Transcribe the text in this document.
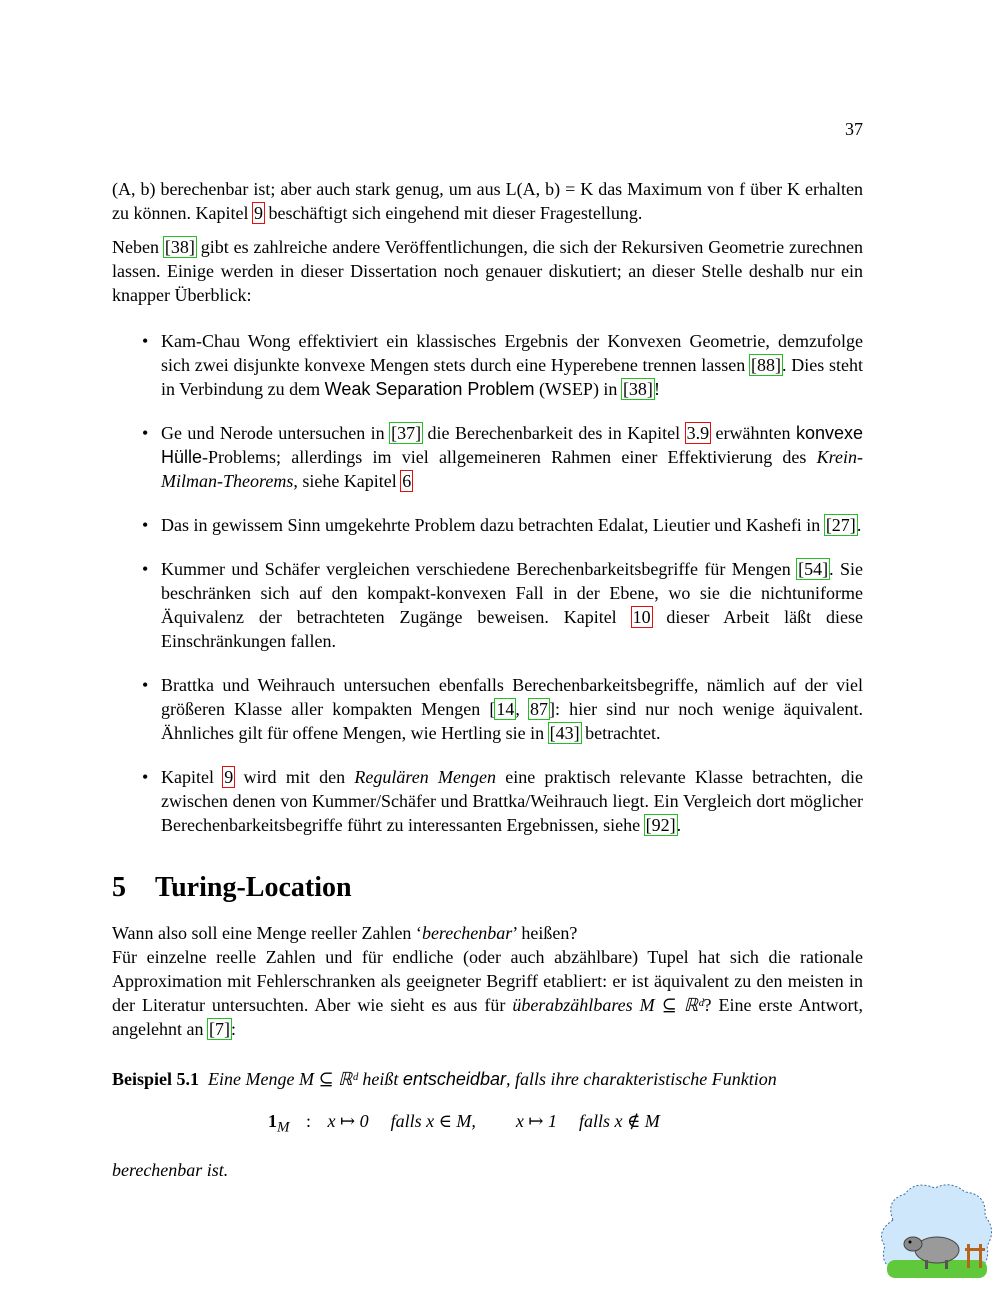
37

(A, b) berechenbar ist; aber auch stark genug, um aus L(A, b) = K das Maximum von f über K erhalten zu können. Kapitel 9 beschäftigt sich eingehend mit dieser Fragestellung.

Neben [38] gibt es zahlreiche andere Veröffentlichungen, die sich der Rekursiven Geometrie zurechnen lassen. Einige werden in dieser Dissertation noch genauer diskutiert; an dieser Stelle deshalb nur ein knapper Überblick:

• Kam-Chau Wong effektiviert ein klassisches Ergebnis der Konvexen Geometrie, demzufolge sich zwei disjunkte konvexe Mengen stets durch eine Hyperebene trennen lassen [88]. Dies steht in Verbindung zu dem Weak Separation Problem (WSEP) in [38]!
• Ge und Nerode untersuchen in [37] die Berechenbarkeit des in Kapitel 3.9 erwähnten konvexe Hülle-Problems; allerdings im viel allgemeineren Rahmen einer Effektivierung des Krein-Milman-Theorems, siehe Kapitel 6
• Das in gewissem Sinn umgekehrte Problem dazu betrachten Edalat, Lieutier und Kashefi in [27].
• Kummer und Schäfer vergleichen verschiedene Berechenbarkeitsbegriffe für Mengen [54]. Sie beschränken sich auf den kompakt-konvexen Fall in der Ebene, wo sie die nichtuniforme Äquivalenz der betrachteten Zugänge beweisen. Kapitel 10 dieser Arbeit läßt diese Einschränkungen fallen.
• Brattka und Weihrauch untersuchen ebenfalls Berechenbarkeitsbegriffe, nämlich auf der viel größeren Klasse aller kompakten Mengen [14, 87]: hier sind nur noch wenige äquivalent. Ähnliches gilt für offene Mengen, wie Hertling sie in [43] betrachtet.
• Kapitel 9 wird mit den Regulären Mengen eine praktisch relevante Klasse betrachten, die zwischen denen von Kummer/Schäfer und Brattka/Weihrauch liegt. Ein Vergleich dort möglicher Berechenbarkeitsbegriffe führt zu interessanten Ergebnissen, siehe [92].
5 Turing-Location

Wann also soll eine Menge reeller Zahlen ‘berechenbar’ heißen?

Für einzelne reelle Zahlen und für endliche (oder auch abzählbare) Tupel hat sich die rationale Approximation mit Fehlerschranken als geeigneter Begriff etabliert: er ist äquivalent zu den meisten in der Literatur untersuchten. Aber wie sieht es aus für überabzählbares M ⊆ ℝᵈ? Eine erste Antwort, angelehnt an [7]:

Beispiel 5.1 Eine Menge M ⊆ ℝᵈ heißt entscheidbar, falls ihre charakteristische Funktion

$1_M$ : x ↦ 0 falls x ∈ M, x ↦ 1 falls x ∉ M

berechenbar ist.
